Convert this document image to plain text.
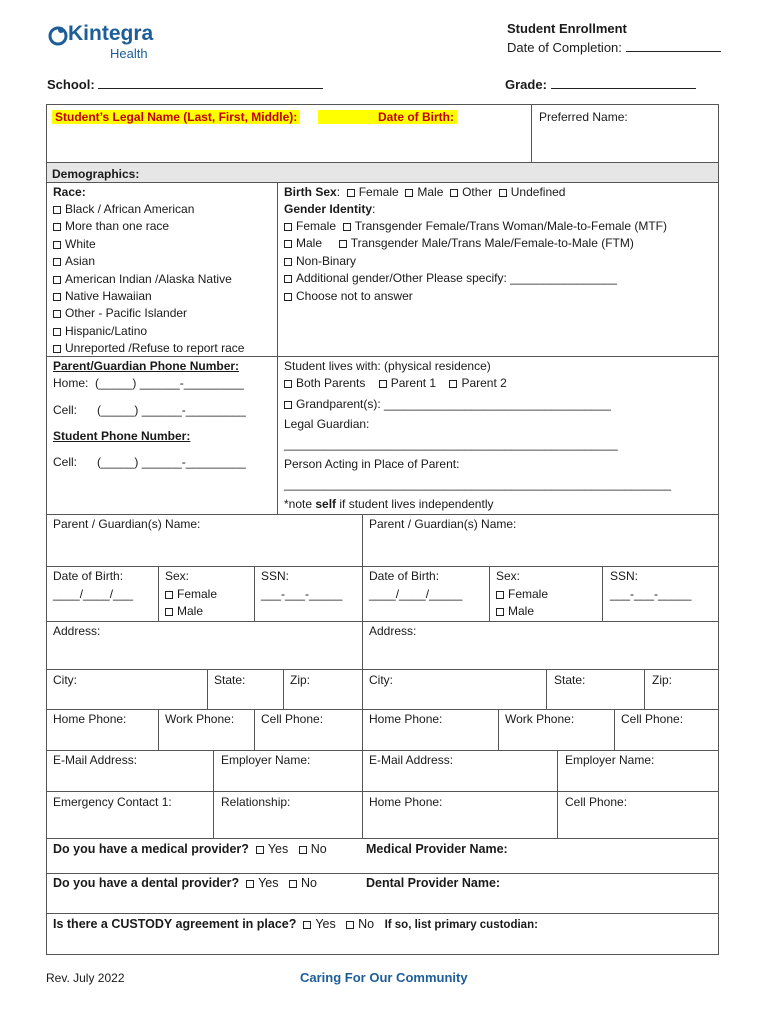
Kintegra
Health
Student Enrollment
Date of Completion:
School:	Grade:
Student’s Legal Name (Last, First, Middle):	Date of Birth:	Preferred Name:
Demographics:
Race:
Black / African American
More than one race
White
Asian
American Indian /Alaska Native
Native Hawaiian
Other - Pacific Islander
Hispanic/Latino
Unreported /Refuse to report race
Birth Sex:  Female Male Other Undefined
Gender Identity:
Female Transgender Female/Trans Woman/Male-to-Female (MTF)
Male Transgender Male/Trans Male/Female-to-Male (FTM)
Non-Binary
Additional gender/Other Please specify: ________________
Choose not to answer
Parent/Guardian Phone Number:
Home: (_____) ______-_________
Cell: (_____) ______-_________
Student Phone Number:
Cell: (_____) ______-_________
Student lives with: (physical residence)
Both Parents Parent 1 Parent 2
Grandparent(s): __________________________________
Legal Guardian:
__________________________________________________
Person Acting in Place of Parent:
__________________________________________________________
*note self if student lives independently
Parent / Guardian(s) Name:	Parent / Guardian(s) Name:
Date of Birth:
____/____/___
Sex:
Female
Male
SSN:
___-___-_____
Date of Birth:
____/____/_____
Sex:
Female
Male
SSN:
___-___-_____
Address:	Address:
City:	State:	Zip:	City:	State:	Zip:
Home Phone:	Work Phone: Cell Phone:	Home Phone:	Work Phone:	Cell Phone:
E-Mail Address:	Employer Name:	E-Mail Address:	Employer Name:
Emergency Contact 1:	Relationship:	Home Phone:	Cell Phone:
Do you have a medical provider? Yes No	Medical Provider Name:
Do you have a dental provider? Yes No	Dental Provider Name:
Is there a CUSTODY agreement in place? Yes No If so, list primary custodian:
Rev. July 2022	Caring For Our Community
